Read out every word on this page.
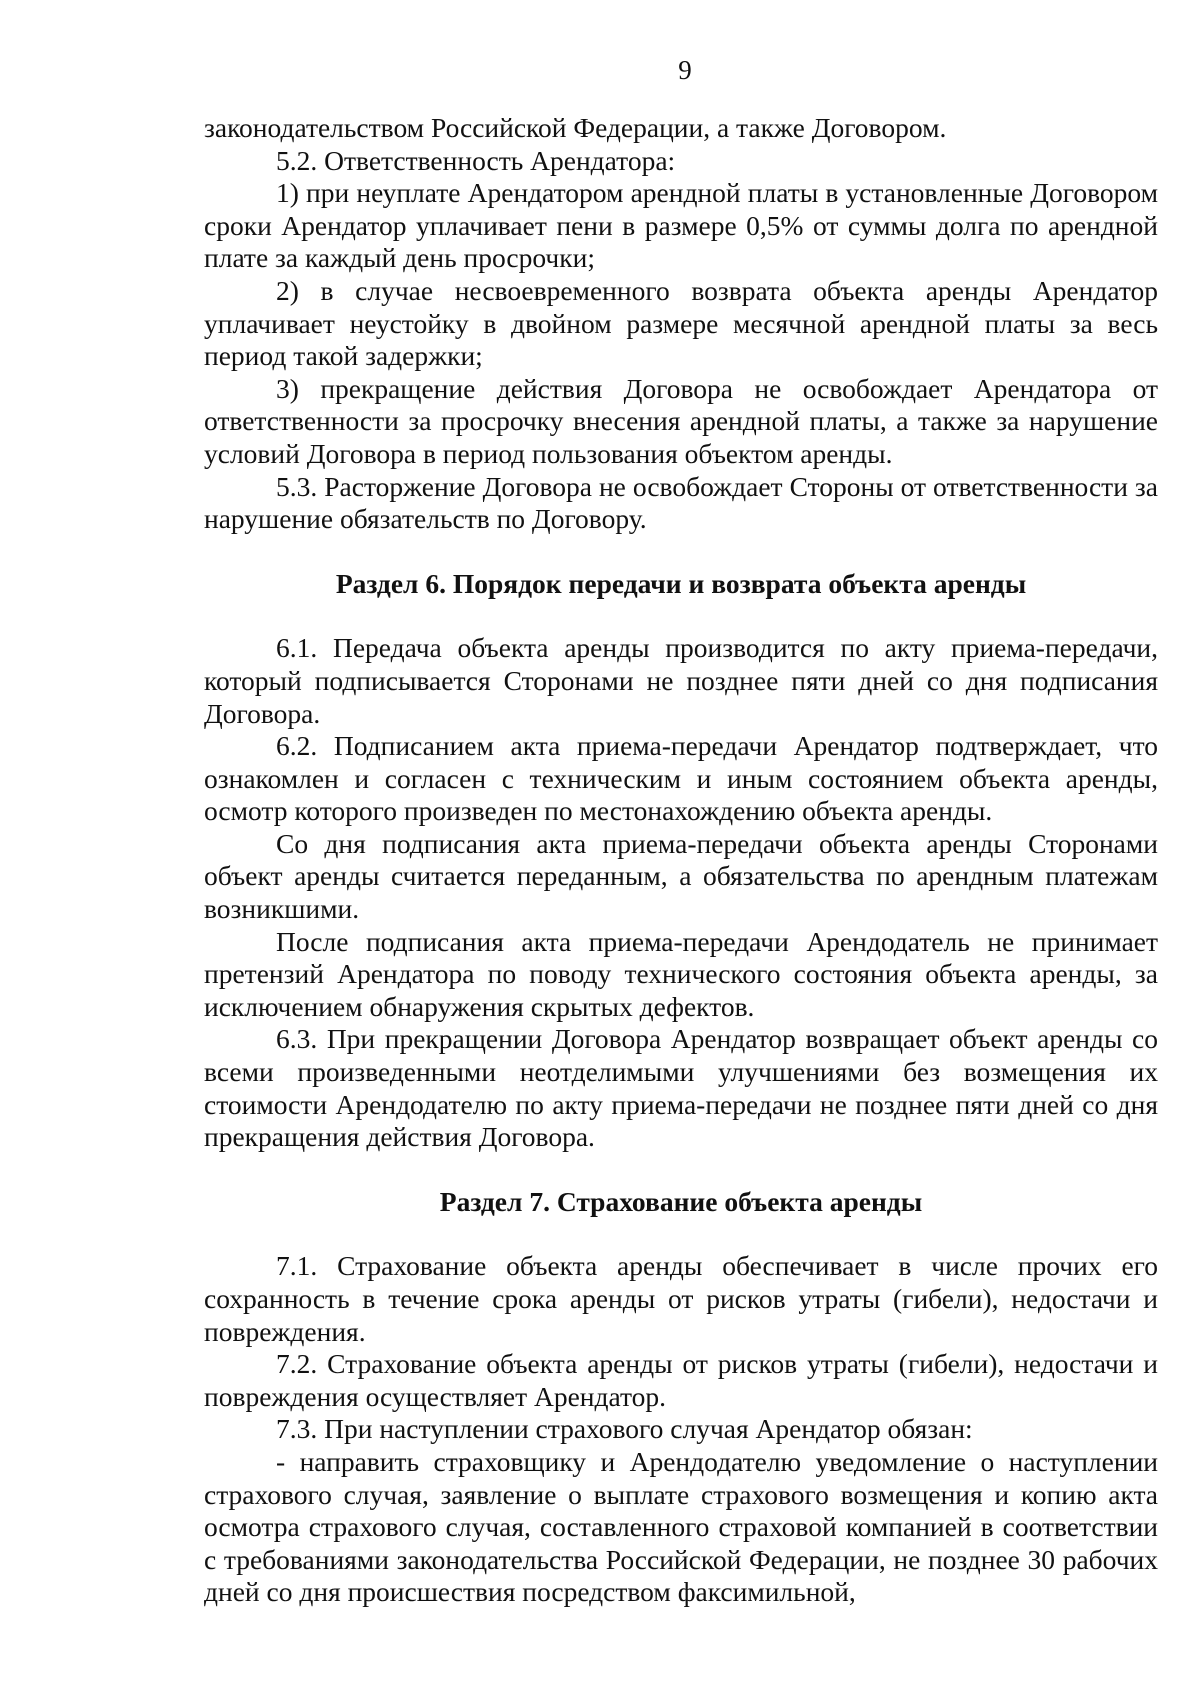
9

законодательством Российской Федерации, а также Договором.

5.2. Ответственность Арендатора:

1) при неуплате Арендатором арендной платы в установленные Договором сроки Арендатор уплачивает пени в размере 0,5% от суммы долга по арендной плате за каждый день просрочки;

2) в случае несвоевременного возврата объекта аренды Арендатор уплачивает неустойку в двойном размере месячной арендной платы за весь период такой задержки;

3) прекращение действия Договора не освобождает Арендатора от ответственности за просрочку внесения арендной платы, а также за нарушение условий Договора в период пользования объектом аренды.

5.3. Расторжение Договора не освобождает Стороны от ответственности за нарушение обязательств по Договору.

Раздел 6. Порядок передачи и возврата объекта аренды

6.1. Передача объекта аренды производится по акту приема-передачи, который подписывается Сторонами не позднее пяти дней со дня подписания Договора.

6.2. Подписанием акта приема-передачи Арендатор подтверждает, что ознакомлен и согласен с техническим и иным состоянием объекта аренды, осмотр которого произведен по местонахождению объекта аренды.

Со дня подписания акта приема-передачи объекта аренды Сторонами объект аренды считается переданным, а обязательства по арендным платежам возникшими.

После подписания акта приема-передачи Арендодатель не принимает претензий Арендатора по поводу технического состояния объекта аренды, за исключением обнаружения скрытых дефектов.

6.3. При прекращении Договора Арендатор возвращает объект аренды со всеми произведенными неотделимыми улучшениями без возмещения их стоимости Арендодателю по акту приема-передачи не позднее пяти дней со дня прекращения действия Договора.

Раздел 7. Страхование объекта аренды

7.1. Страхование объекта аренды обеспечивает в числе прочих его сохранность в течение срока аренды от рисков утраты (гибели), недостачи и повреждения.

7.2. Страхование объекта аренды от рисков утраты (гибели), недостачи и повреждения осуществляет Арендатор.

7.3. При наступлении страхового случая Арендатор обязан:

- направить страховщику и Арендодателю уведомление о наступлении страхового случая, заявление о выплате страхового возмещения и копию акта осмотра страхового случая, составленного страховой компанией в соответствии с требованиями законодательства Российской Федерации, не позднее 30 рабочих дней со дня происшествия посредством факсимильной,
